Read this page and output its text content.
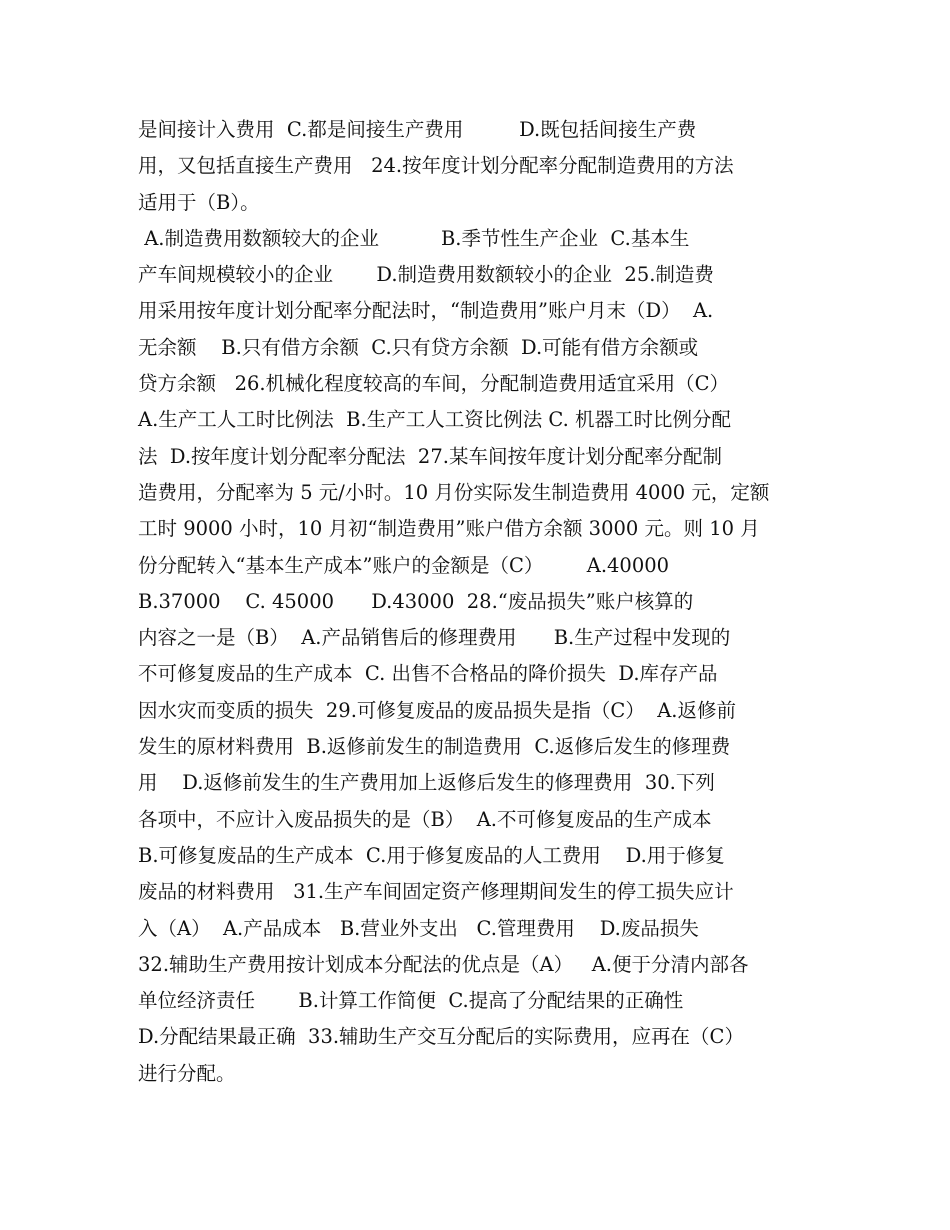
是间接计入费用  C.都是间接生产费用         D.既包括间接生产费
用，又包括直接生产费用   24.按年度计划分配率分配制造费用的方法
适用于（B）。
A.制造费用数额较大的企业          B.季节性生产企业  C.基本生
产车间规模较小的企业       D.制造费用数额较小的企业  25.制造费
用采用按年度计划分配率分配法时，“制造费用”账户月末（D）  A.
无余额    B.只有借方余额  C.只有贷方余额  D.可能有借方余额或
贷方余额   26.机械化程度较高的车间，分配制造费用适宜采用（C）
A.生产工人工时比例法  B.生产工人工资比例法 C. 机器工时比例分配
法  D.按年度计划分配率分配法  27.某车间按年度计划分配率分配制
造费用，分配率为 5 元/小时。10 月份实际发生制造费用 4000 元，定额
工时 9000 小时，10 月初“制造费用”账户借方余额 3000 元。则 10 月
份分配转入“基本生产成本”账户的金额是（C）       A.40000
B.37000    C. 45000      D.43000  28.“废品损失”账户核算的
内容之一是（B）  A.产品销售后的修理费用      B.生产过程中发现的
不可修复废品的生产成本  C. 出售不合格品的降价损失  D.库存产品
因水灾而变质的损失  29.可修复废品的废品损失是指（C）  A.返修前
发生的原材料费用  B.返修前发生的制造费用  C.返修后发生的修理费
用    D.返修前发生的生产费用加上返修后发生的修理费用  30.下列
各项中，不应计入废品损失的是（B）  A.不可修复废品的生产成本
B.可修复废品的生产成本  C.用于修复废品的人工费用    D.用于修复
废品的材料费用   31.生产车间固定资产修理期间发生的停工损失应计
入（A）  A.产品成本   B.营业外支出   C.管理费用    D.废品损失
32.辅助生产费用按计划成本分配法的优点是（A）   A.便于分清内部各
单位经济责任       B.计算工作简便  C.提高了分配结果的正确性
D.分配结果最正确  33.辅助生产交互分配后的实际费用，应再在（C）
进行分配。
